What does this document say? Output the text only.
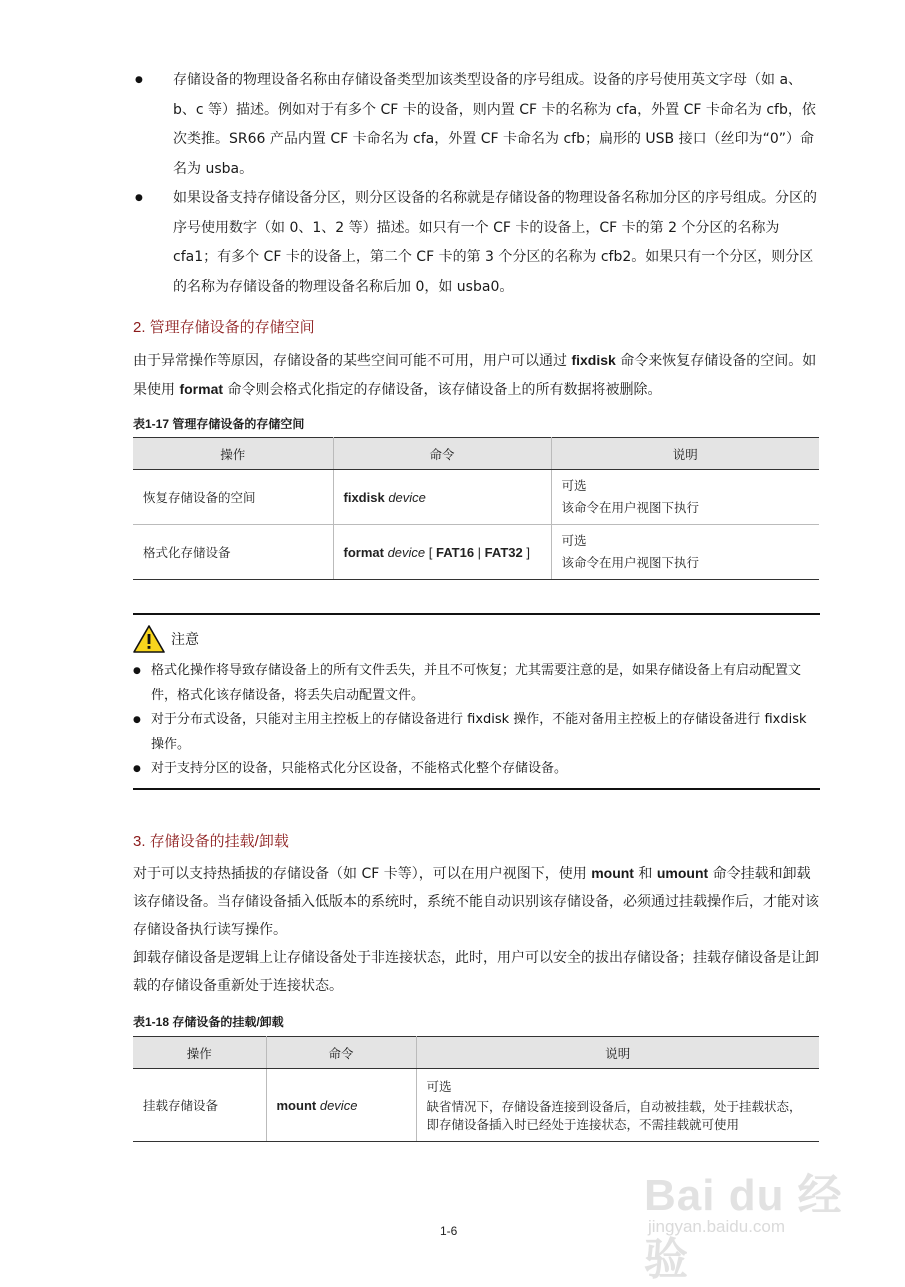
● 存储设备的物理设备名称由存储设备类型加该类型设备的序号组成。设备的序号使用英文字母（如 a、b、c 等）描述。例如对于有多个 CF 卡的设备，则内置 CF 卡的名称为 cfa，外置 CF 卡命名为 cfb，依次类推。SR66 产品内置 CF 卡命名为 cfa，外置 CF 卡命名为 cfb；扁形的 USB 接口（丝印为“0”）命名为 usba。
● 如果设备支持存储设备分区，则分区设备的名称就是存储设备的物理设备名称加分区的序号组成。分区的序号使用数字（如 0、1、2 等）描述。如只有一个 CF 卡的设备上，CF 卡的第 2 个分区的名称为 cfa1；有多个 CF 卡的设备上，第二个 CF 卡的第 3 个分区的名称为 cfb2。如果只有一个分区，则分区的名称为存储设备的物理设备名称后加 0，如 usba0。
2. 管理存储设备的存储空间

由于异常操作等原因，存储设备的某些空间可能不可用，用户可以通过 fixdisk 命令来恢复存储设备的空间。如果使用 format 命令则会格式化指定的存储设备，该存储设备上的所有数据将被删除。

表1-17 管理存储设备的存储空间
操作	命令	说明
恢复存储设备的空间	fixdisk device	可选
该命令在用户视图下执行

格式化存储设备	format device [ FAT16 | FAT32 ]	可选
该命令在用户视图下执行
注意
● 格式化操作将导致存储设备上的所有文件丢失，并且不可恢复；尤其需要注意的是，如果存储设备上有启动配置文件，格式化该存储设备，将丢失启动配置文件。
● 对于分布式设备，只能对主用主控板上的存储设备进行 fixdisk 操作，不能对备用主控板上的存储设备进行 fixdisk 操作。
● 对于支持分区的设备，只能格式化分区设备，不能格式化整个存储设备。
3. 存储设备的挂载/卸载

对于可以支持热插拔的存储设备（如 CF 卡等），可以在用户视图下，使用 mount 和 umount 命令挂载和卸载该存储设备。当存储设备插入低版本的系统时，系统不能自动识别该存储设备，必须通过挂载操作后，才能对该存储设备执行读写操作。

卸载存储设备是逻辑上让存储设备处于非连接状态，此时，用户可以安全的拔出存储设备；挂载存储设备是让卸载的存储设备重新处于连接状态。

表1-18 存储设备的挂载/卸载
操作	命令	说明
挂载存储设备	mount device	可选
缺省情况下，存储设备连接到设备后，自动被挂载，处于挂载状态，即存储设备插入时已经处于连接状态，不需挂载就可使用
Bai du 经验
jingyan.baidu.com
1-6
